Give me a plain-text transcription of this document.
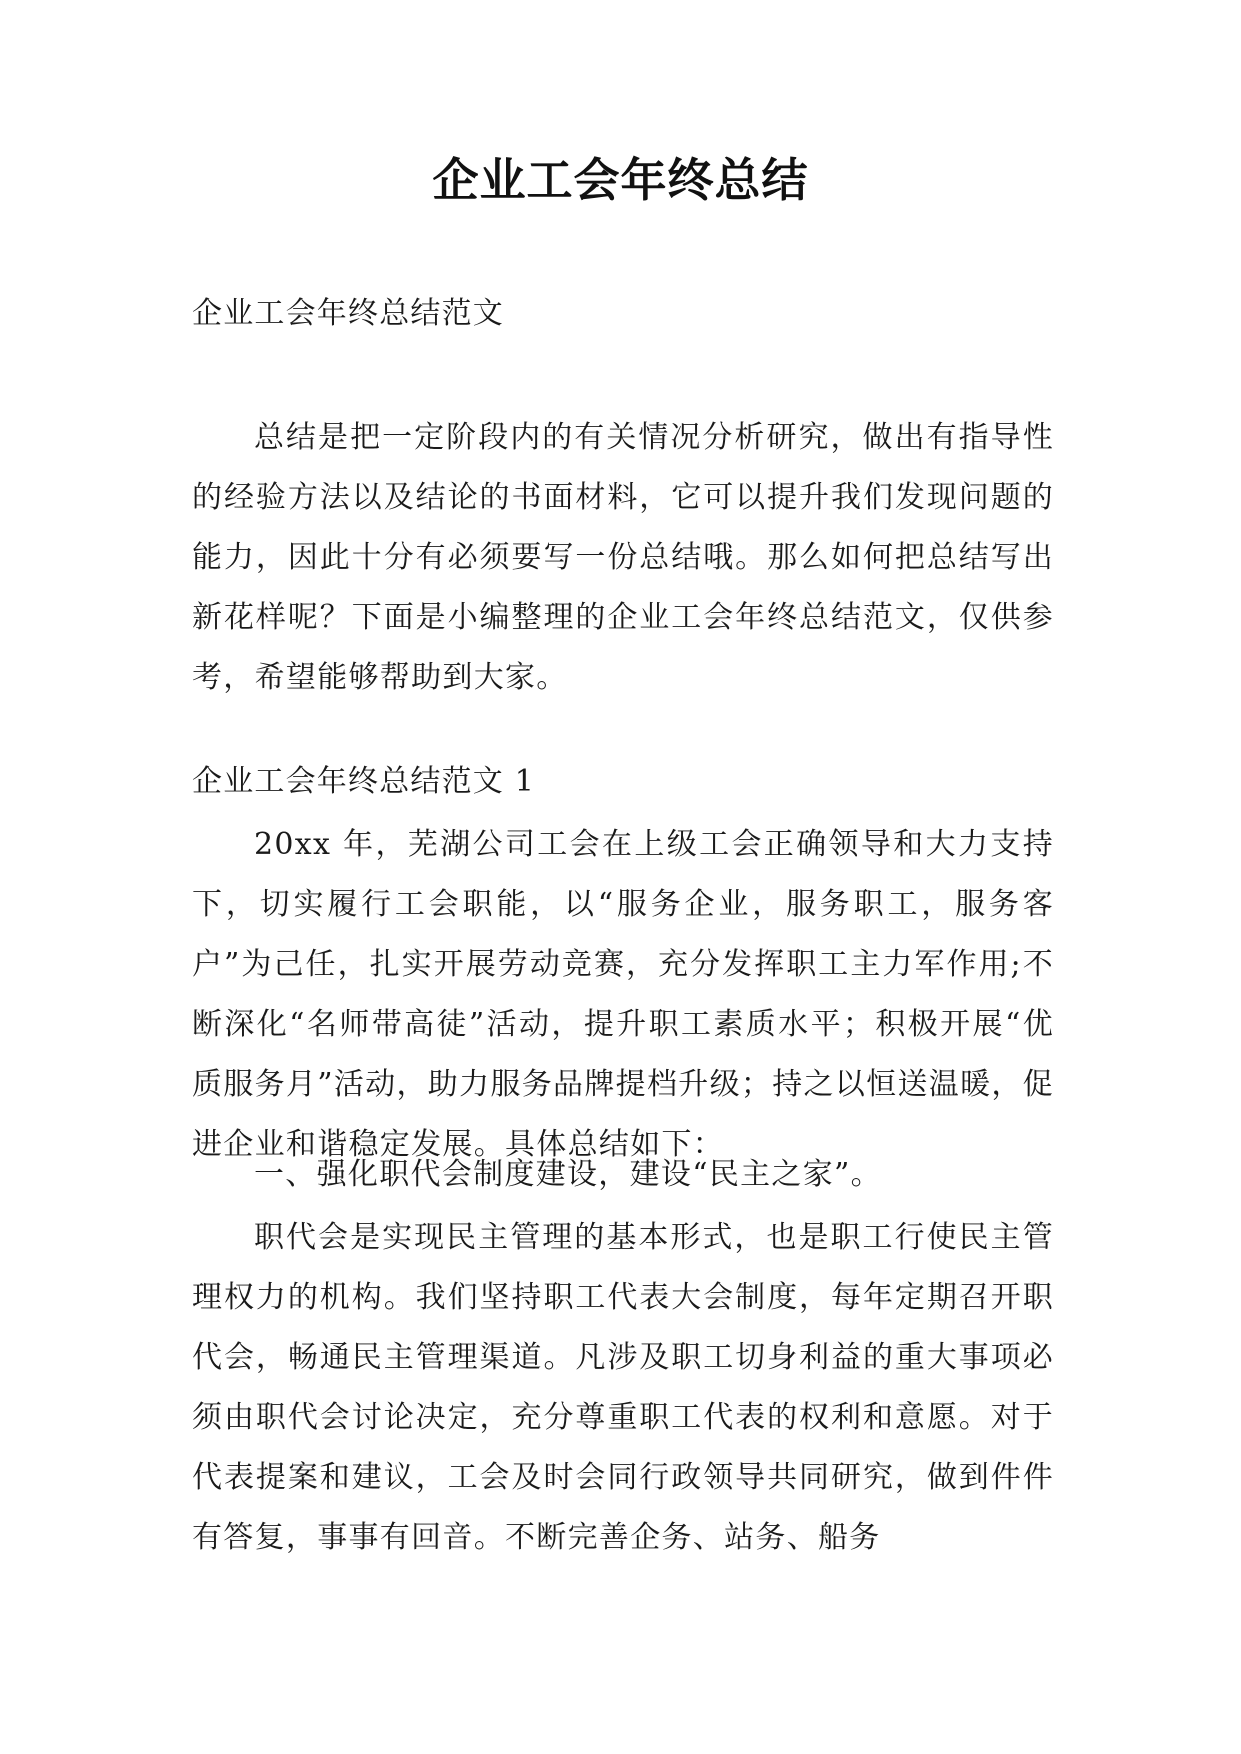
企业工会年终总结

企业工会年终总结范文

总结是把一定阶段内的有关情况分析研究，做出有指导性的经验方法以及结论的书面材料，它可以提升我们发现问题的能力，因此十分有必须要写一份总结哦。那么如何把总结写出新花样呢？下面是小编整理的企业工会年终总结范文，仅供参考，希望能够帮助到大家。

企业工会年终总结范文 1

20xx 年，芜湖公司工会在上级工会正确领导和大力支持下，切实履行工会职能，以“服务企业，服务职工，服务客户”为己任，扎实开展劳动竞赛，充分发挥职工主力军作用;不断深化“名师带高徒”活动，提升职工素质水平；积极开展“优质服务月”活动，助力服务品牌提档升级；持之以恒送温暖，促进企业和谐稳定发展。具体总结如下：

一、强化职代会制度建设，建设“民主之家”。

职代会是实现民主管理的基本形式，也是职工行使民主管理权力的机构。我们坚持职工代表大会制度，每年定期召开职代会，畅通民主管理渠道。凡涉及职工切身利益的重大事项必须由职代会讨论决定，充分尊重职工代表的权利和意愿。对于代表提案和建议，工会及时会同行政领导共同研究，做到件件有答复，事事有回音。不断完善企务、站务、船务
